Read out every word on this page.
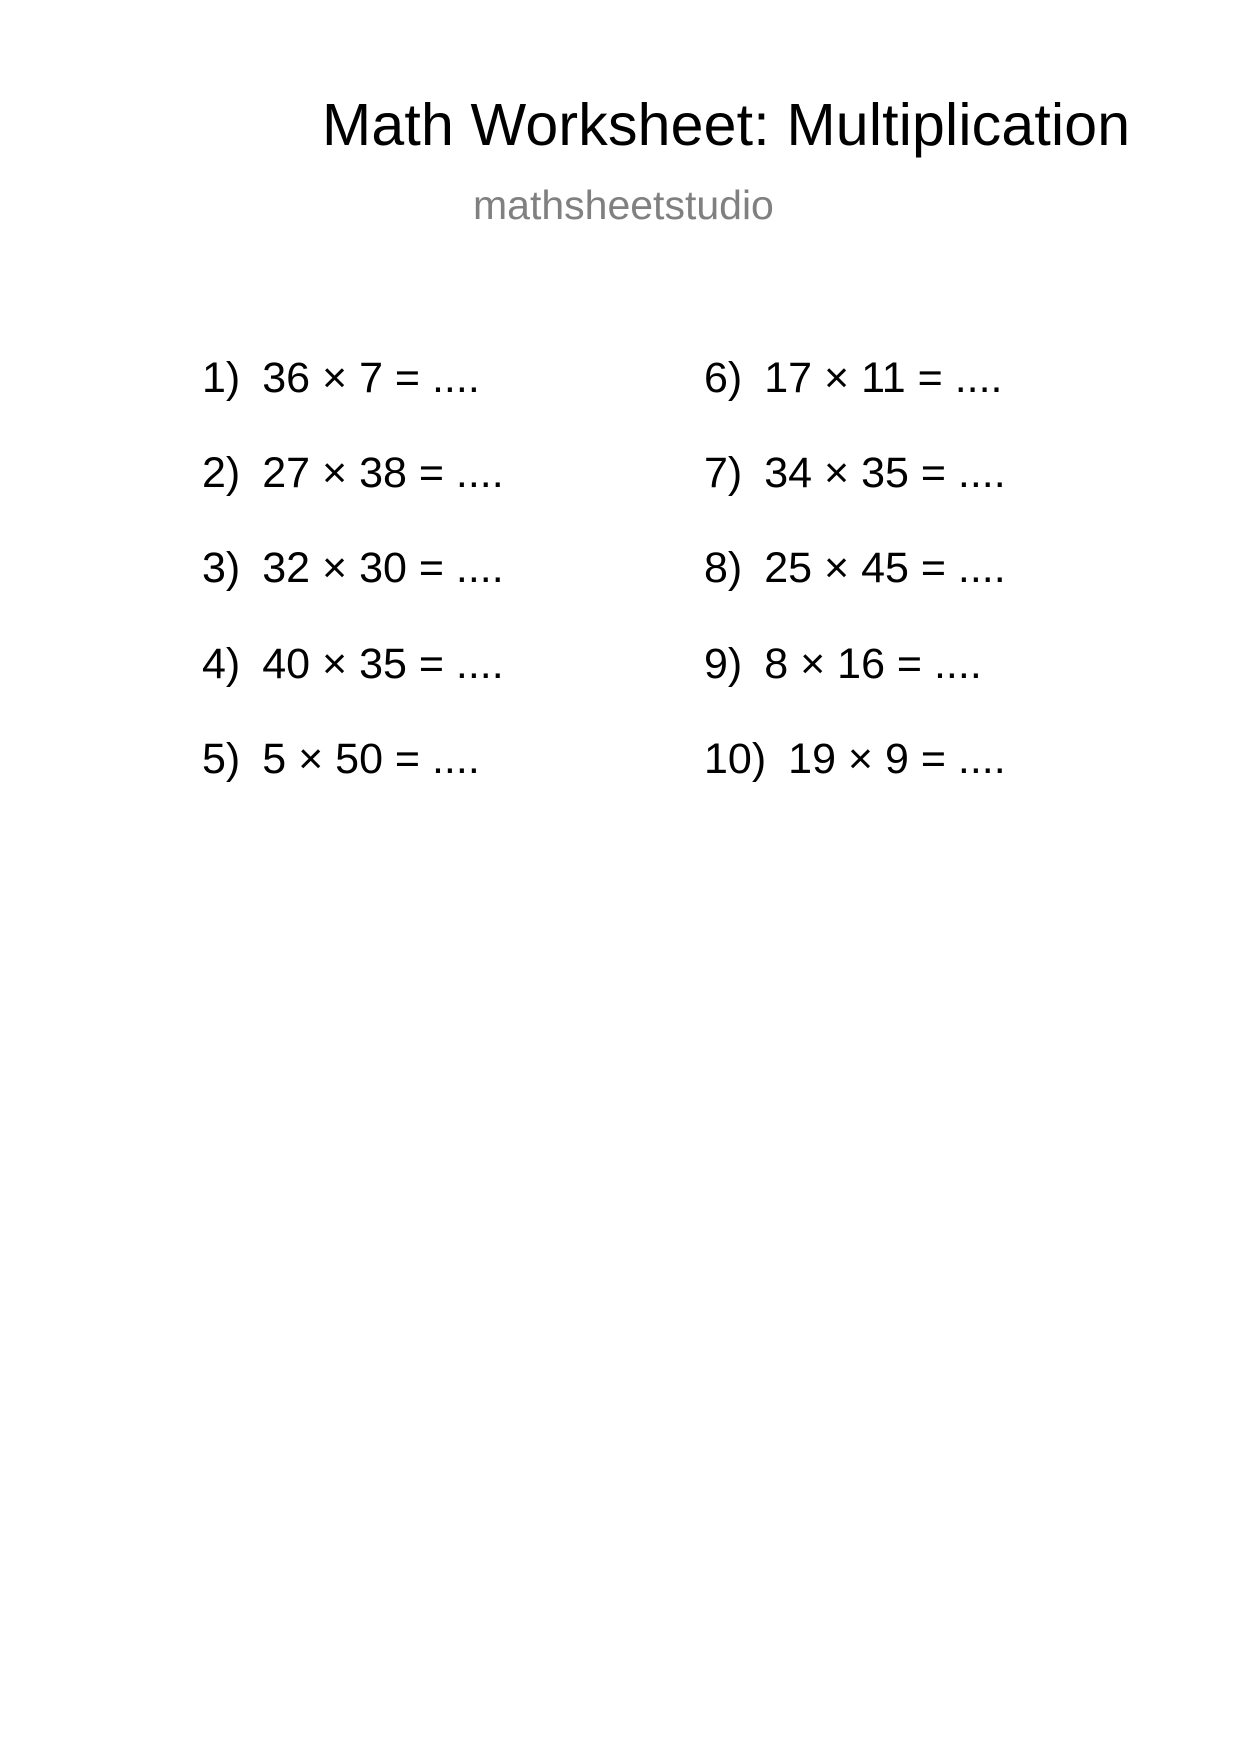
Math Worksheet: Multiplication
mathsheetstudio
1) 36 × 7 = ....
2) 27 × 38 = ....
3) 32 × 30 = ....
4) 40 × 35 = ....
5) 5 × 50 = ....
6) 17 × 11 = ....
7) 34 × 35 = ....
8) 25 × 45 = ....
9) 8 × 16 = ....
10) 19 × 9 = ....
